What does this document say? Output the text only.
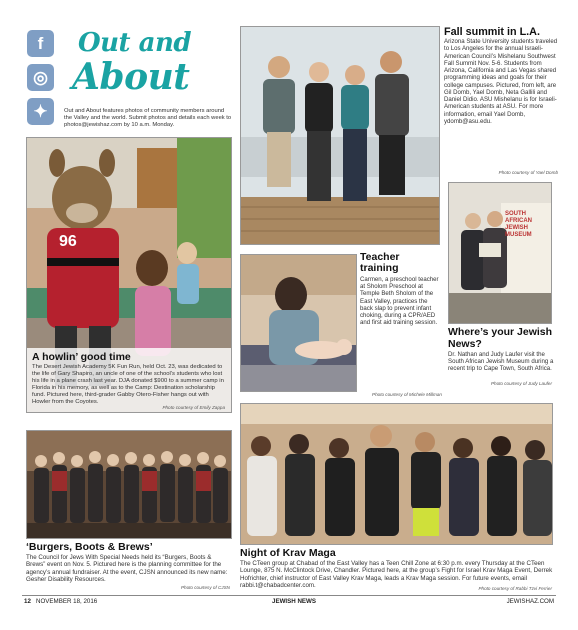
f
◎
✦
Out and
About
Out and About features photos of community members around the Valley and the world. Submit photos and details each week to photos@jewishaz.com by 10 a.m. Monday.
96
A howlin’ good time
The Desert Jewish Academy 5K Fun Run, held Oct. 23, was dedicated to the life of Gary Shapiro, an uncle of one of the school’s students who lost his life in a plane crash last year. DJA donated $900 to a summer camp in Florida in his memory, as well as to the Camp: Destination scholarship fund. Pictured here, third-grader Gabby Otero-Fisher hangs out with Howler from the Coyotes.
Photo courtesy of Emily Zappa
‘Burgers, Boots & Brews’
The Council for Jews With Special Needs held its “Burgers, Boots & Brews” event on Nov. 5. Pictured here is the planning committee for the agency’s annual fundraiser. At the event, CJSN announced its new name: Gesher Disability Resources.
Photo courtesy of CJSN
Fall summit in L.A.
Arizona State University students traveled to Los Angeles for the annual Israeli-American Council’s Mishelanu Southwest Fall Summit Nov. 5-6. Students from Arizona, California and Las Vegas shared programming ideas and goals for their college campuses. Pictured, from left, are Gil Domb, Yael Domb, Neta Gallili and Daniel Didio. ASU Mishelanu is for Israeli-American students at ASU. For more information, email Yael Domb, ydomb@asu.edu.
Photo courtesy of Yael Domb
Teacher training
Carmen, a preschool teacher at Sholom Preschool at Temple Beth Sholom of the East Valley, practices the back slap to prevent infant choking, during a CPR/AED and first aid training session.
Photo courtesy of Michele Millman
SOUTH AFRICAN JEWISH MUSEUM
Where’s your Jewish News?
Dr. Nathan and Judy Laufer visit the South African Jewish Museum during a recent trip to Cape Town, South Africa.
Photo courtesy of Judy Laufer
Night of Krav Maga
The CTeen group at Chabad of the East Valley has a Teen Chill Zone at 6:30 p.m. every Thursday at the CTeen Lounge, 875 N. McClintock Drive, Chandler. Pictured here, at the group’s Fight for Israel Krav Maga Event, Derrek Hofrichter, chief instructor of East Valley Krav Maga, leads a Krav Maga session. For future events, email rabbi.t@chabadcenter.com.	Photo courtesy of Rabbi Tzvi Ferrier
12 NOVEMBER 18, 2016	JEWISH NEWS	JEWISHAZ.COM
